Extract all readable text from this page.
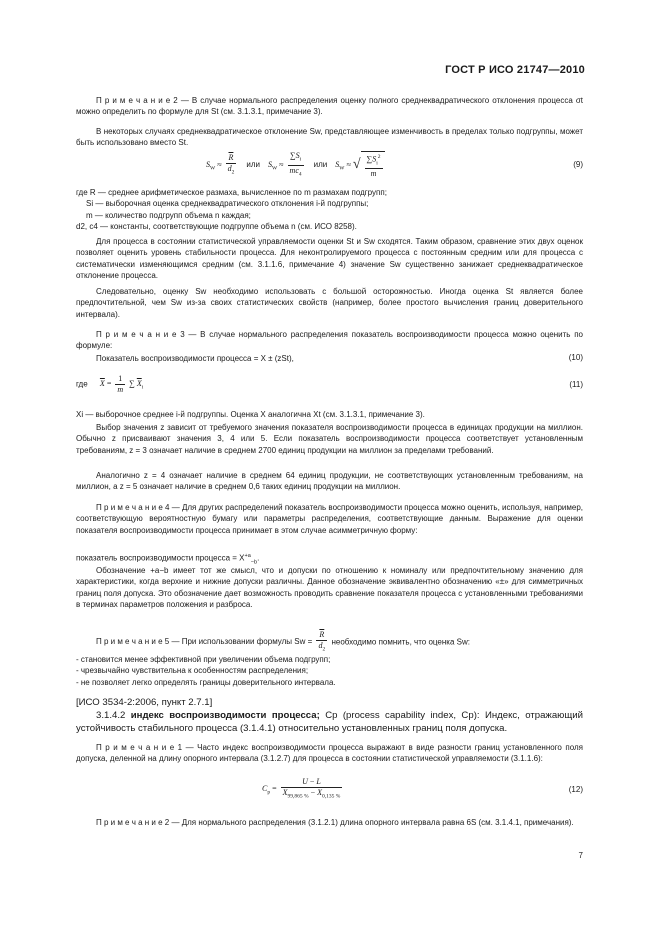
ГОСТ Р ИСО 21747—2010

П р и м е ч а н и е 2 — В случае нормального распределения оценку полного среднеквадратического отклонения процесса σt можно определить по формуле для St (см. 3.1.3.1, примечание 3).

В некоторых случаях среднеквадратическое отклонение Sw, представляющее изменчивость в пределах только подгруппы, может быть использовано вместо St.

$S_W \approx \frac{\overline{R}}{d_2}$ или $S_W \approx \frac{\sum S_i}{mc_4}$ или $S_W$ ≈ √ $\frac{\sum S_i^2}{m}$	(9)

где R — среднее арифметическое размаха, вычисленное по m размахам подгрупп;

Si — выборочная оценка среднеквадратического отклонения i-й подгруппы;

m — количество подгрупп объема n каждая;

d2, c4 — константы, соответствующие подгруппе объема n (см. ИСО 8258).

Для процесса в состоянии статистической управляемости оценки St и Sw сходятся. Таким образом, сравнение этих двух оценок позволяет оценить уровень стабильности процесса. Для неконтролируемого процесса с постоянным средним или для процесса с систематически изменяющимся средним (см. 3.1.1.6, примечание 4) значение Sw существенно занижает среднеквадратическое отклонение процесса.

Следовательно, оценку Sw необходимо использовать с большой осторожностью. Иногда оценка St является более предпочтительной, чем Sw из-за своих статистических свойств (например, более простого вычисления границ доверительного интервала).

П р и м е ч а н и е 3 — В случае нормального распределения показатель воспроизводимости процесса можно оценить по формуле:

Показатель воспроизводимости процесса = X ± (zSt),	(10)
где $\overline{X} = \frac{1}{m}$ ∑ $\overline{X}_i$	(11)

Xi — выборочное среднее i-й подгруппы. Оценка X аналогична Xt (см. 3.1.3.1, примечание 3).

Выбор значения z зависит от требуемого значения показателя воспроизводимости процесса в единицах продукции на миллион. Обычно z присваивают значения 3, 4 или 5. Если показатель воспроизводимости процесса соответствует установленным требованиям, z = 3 означает наличие в среднем 2700 единиц продукции на миллион за пределами требований.

Аналогично z = 4 означает наличие в среднем 64 единиц продукции, не соответствующих установленным требованиям, на миллион, а z = 5 означает наличие в среднем 0,6 таких единиц продукции на миллион.

П р и м е ч а н и е 4 — Для других распределений показатель воспроизводимости процесса можно оценить, используя, например, соответствующую вероятностную бумагу или параметры распределения, соответствующие данным. Выражение для оценки показателя воспроизводимости процесса принимает в этом случае асимметричную форму:

показатель воспроизводимости процесса = $X^{+a}_{-b}$.

Обозначение +a−b имеет тот же смысл, что и допуски по отношению к номиналу или предпочтительному значению для характеристики, когда верхние и нижние допуски различны. Данное обозначение эквивалентно обозначению «±» для симметричных границ поля допуска. Это обозначение дает возможность проводить сравнение показателя процесса с установленными требованиями в терминах параметров положения и разброса.

П р и м е ч а н и е 5 — При использовании формулы $Sw = \frac{\overline{R}}{d_2}$ необходимо помнить, что оценка Sw:

- становится менее эффективной при увеличении объема подгрупп;

- чрезвычайно чувствительна к особенностям распределения;

- не позволяет легко определять границы доверительного интервала.

[ИСО 3534-2:2006, пункт 2.7.1]

3.1.4.2 индекс воспроизводимости процесса; Cp (process capability index, Cp): Индекс, отражающий устойчивость стабильного процесса (3.1.4.1) относительно установленных границ поля допуска.

П р и м е ч а н и е 1 — Часто индекс воспроизводимости процесса выражают в виде разности границ установленного поля допуска, деленной на длину опорного интервала (3.1.2.7) для процесса в состоянии статистической управляемости (3.1.1.6):

$C_p = \frac{U - L}{X_{99,865 \%} - X_{0,135 \%}}$	(12)

П р и м е ч а н и е 2 — Для нормального распределения (3.1.2.1) длина опорного интервала равна 6S (см. 3.1.4.1, примечания).

7
